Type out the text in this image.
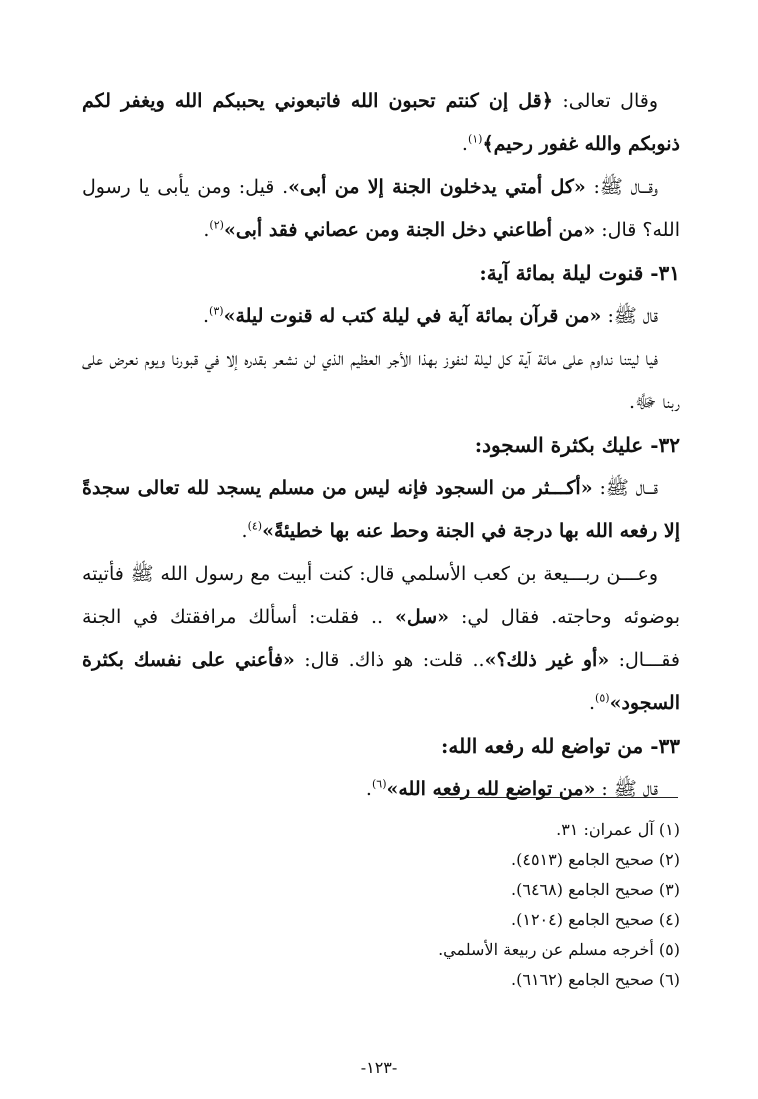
وقال تعالى: ﴿قل إن كنتم تحبون الله فاتبعوني يحببكم الله ويغفر لكم ذنوبكم والله غفور رحيم﴾$^{(١)}$.

وقـــال ﷺ: «كل أمتي يدخلون الجنة إلا من أبى». قيل: ومن يأبى يا رسول الله؟ قال: «من أطاعني دخل الجنة ومن عصاني فقد أبى»$^{(٢)}$.

٣١- قنوت ليلة بمائة آية:

قال ﷺ: «من قرآن بمائة آية في ليلة كتب له قنوت ليلة»$^{(٣)}$.

فيا ليتنا نداوم على مائة آية كل ليلة لنفوز بهذا الأجر العظيم الذي لن نشعر بقدره إلا في قبورنا ويوم نعرض على ربنا ﷻ.

٣٢- عليك بكثرة السجود:

قـــال ﷺ: «أكـــثر من السجود فإنه ليس من مسلم يسجد لله تعالى سجدةً إلا رفعه الله بها درجة في الجنة وحط عنه بها خطيئةً»$^{(٤)}$.

وعـــن ربـــيعة بن كعب الأسلمي قال: كنت أبيت مع رسول الله ﷺ فأتيته بوضوئه وحاجته. فقال لي: «سل» .. فقلت: أسألك مرافقتك في الجنة فقـــال: «أو غير ذلك؟».. قلت: هو ذاك. قال: «فأعني على نفسك بكثرة السجود»$^{(٥)}$.

٣٣- من تواضع لله رفعه الله:

قال ﷺ : «من تواضع لله رفعه الله»$^{(٦)}$.

(١) آل عمران: ٣١.

(٢) صحيح الجامع (٤٥١٣).

(٣) صحيح الجامع (٦٤٦٨).

(٤) صحيح الجامع (١٢٠٤).

(٥) أخرجه مسلم عن ربيعة الأسلمي.

(٦) صحيح الجامع (٦١٦٢).

-١٢٣-
